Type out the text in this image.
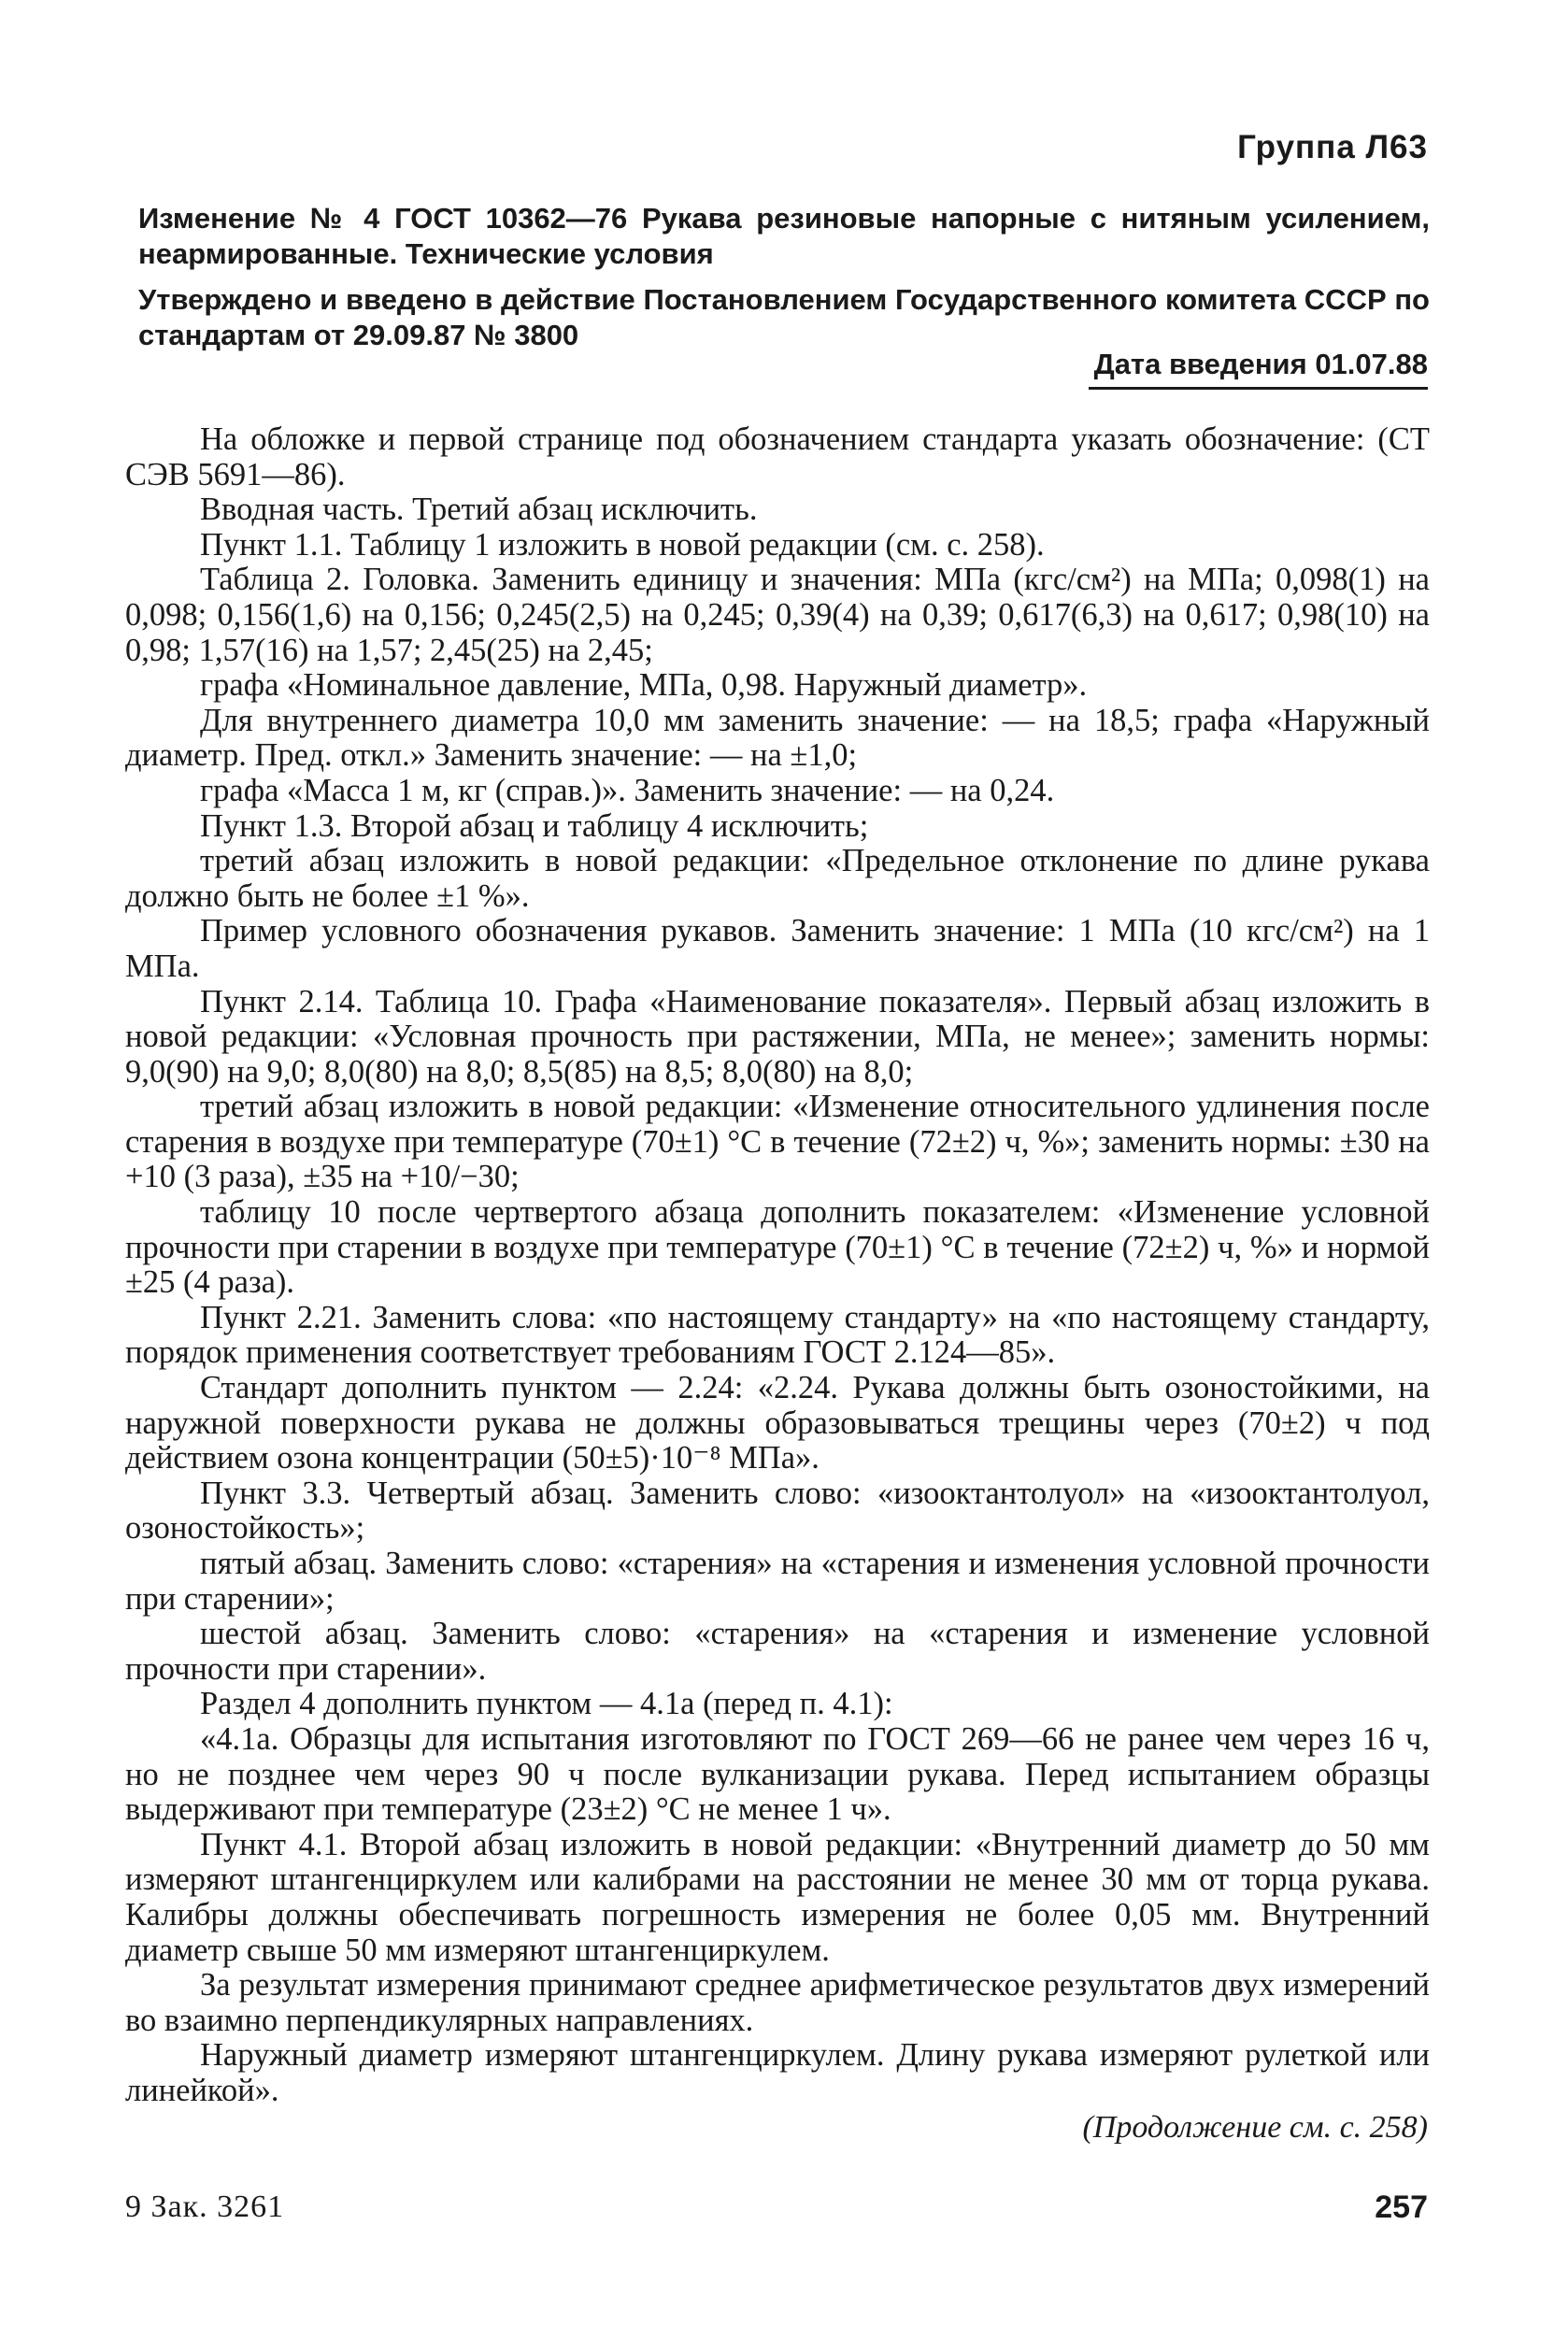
Группа Л63
Изменение № 4 ГОСТ 10362—76 Рукава резиновые напорные с нитяным усилением, неармированные. Технические условия
Утверждено и введено в действие Постановлением Государственного комитета СССР по стандартам от 29.09.87 № 3800
Дата введения 01.07.88

На обложке и первой странице под обозначением стандарта указать обозначение: (СТ СЭВ 5691—86).

Вводная часть. Третий абзац исключить.

Пункт 1.1. Таблицу 1 изложить в новой редакции (см. с. 258).

Таблица 2. Головка. Заменить единицу и значения: МПа (кгс/см²) на МПа; 0,098(1) на 0,098; 0,156(1,6) на 0,156; 0,245(2,5) на 0,245; 0,39(4) на 0,39; 0,617(6,3) на 0,617; 0,98(10) на 0,98; 1,57(16) на 1,57; 2,45(25) на 2,45;

графа «Номинальное давление, МПа, 0,98. Наружный диаметр».

Для внутреннего диаметра 10,0 мм заменить значение: — на 18,5; графа «Наружный диаметр. Пред. откл.» Заменить значение: — на ±1,0;

графа «Масса 1 м, кг (справ.)». Заменить значение: — на 0,24.

Пункт 1.3. Второй абзац и таблицу 4 исключить;

третий абзац изложить в новой редакции: «Предельное отклонение по длине рукава должно быть не более ±1 %».

Пример условного обозначения рукавов. Заменить значение: 1 МПа (10 кгс/см²) на 1 МПа.

Пункт 2.14. Таблица 10. Графа «Наименование показателя». Первый абзац изложить в новой редакции: «Условная прочность при растяжении, МПа, не менее»; заменить нормы: 9,0(90) на 9,0; 8,0(80) на 8,0; 8,5(85) на 8,5; 8,0(80) на 8,0;

третий абзац изложить в новой редакции: «Изменение относительного удлинения после старения в воздухе при температуре (70±1) °С в течение (72±2) ч, %»; заменить нормы: ±30 на +10 (3 раза), ±35 на +10/−30;

таблицу 10 после чертвертого абзаца дополнить показателем: «Изменение условной прочности при старении в воздухе при температуре (70±1) °С в течение (72±2) ч, %» и нормой ±25 (4 раза).

Пункт 2.21. Заменить слова: «по настоящему стандарту» на «по настоящему стандарту, порядок применения соответствует требованиям ГОСТ 2.124—85».

Стандарт дополнить пунктом — 2.24: «2.24. Рукава должны быть озоностойкими, на наружной поверхности рукава не должны образовываться трещины через (70±2) ч под действием озона концентрации (50±5)·10⁻⁸ МПа».

Пункт 3.3. Четвертый абзац. Заменить слово: «изооктантолуол» на «изооктантолуол, озоностойкость»;

пятый абзац. Заменить слово: «старения» на «старения и изменения условной прочности при старении»;

шестой абзац. Заменить слово: «старения» на «старения и изменение условной прочности при старении».

Раздел 4 дополнить пунктом — 4.1а (перед п. 4.1):

«4.1а. Образцы для испытания изготовляют по ГОСТ 269—66 не ранее чем через 16 ч, но не позднее чем через 90 ч после вулканизации рукава. Перед испытанием образцы выдерживают при температуре (23±2) °С не менее 1 ч».

Пункт 4.1. Второй абзац изложить в новой редакции: «Внутренний диаметр до 50 мм измеряют штангенциркулем или калибрами на расстоянии не менее 30 мм от торца рукава. Калибры должны обеспечивать погрешность измерения не более 0,05 мм. Внутренний диаметр свыше 50 мм измеряют штангенциркулем.

За результат измерения принимают среднее арифметическое результатов двух измерений во взаимно перпендикулярных направлениях.

Наружный диаметр измеряют штангенциркулем. Длину рукава измеряют рулеткой или линейкой».

(Продолжение см. с. 258)
9 Зак. 3261	257
